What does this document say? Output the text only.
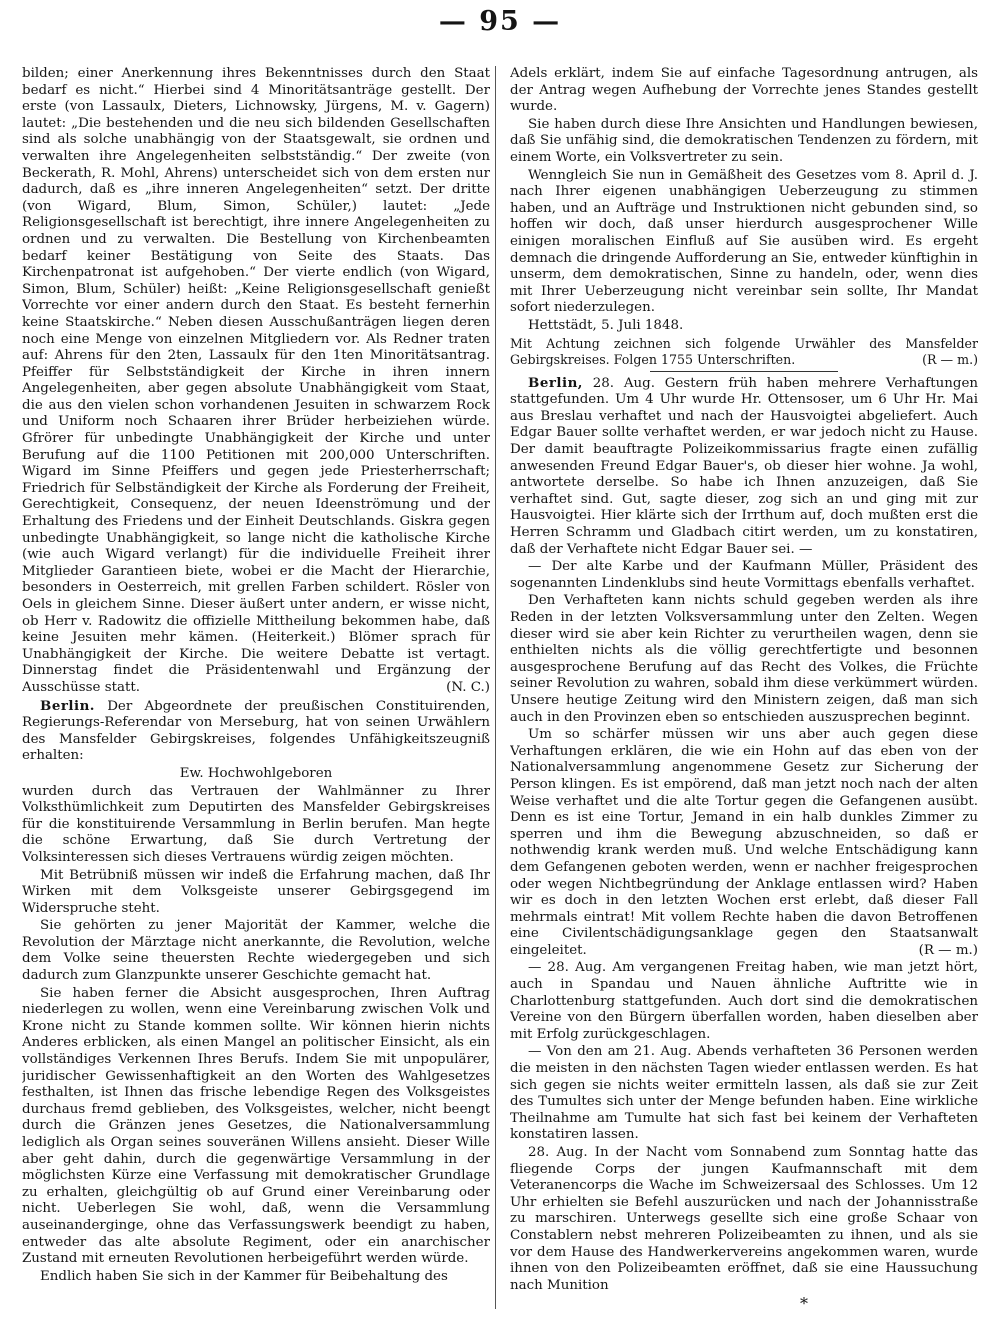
— 95 —

bilden; einer Anerkennung ihres Bekenntnisses durch den Staat bedarf es nicht.“ Hierbei sind 4 Minoritätsanträge gestellt. Der erste (von Lassaulx, Dieters, Lichnowsky, Jürgens, M. v. Gagern) lautet: „Die bestehenden und die neu sich bildenden Gesellschaften sind als solche unabhängig von der Staatsgewalt, sie ordnen und verwalten ihre Angelegenheiten selbstständig.“ Der zweite (von Beckerath, R. Mohl, Ahrens) unterscheidet sich von dem ersten nur dadurch, daß es „ihre inneren Angelegenheiten“ setzt. Der dritte (von Wigard, Blum, Simon, Schüler,) lautet: „Jede Religionsgesellschaft ist berechtigt, ihre innere Angelegenheiten zu ordnen und zu verwalten. Die Bestellung von Kirchenbeamten bedarf keiner Bestätigung von Seite des Staats. Das Kirchenpatronat ist aufgehoben.“ Der vierte endlich (von Wigard, Simon, Blum, Schüler) heißt: „Keine Religionsgesellschaft genießt Vorrechte vor einer andern durch den Staat. Es besteht fernerhin keine Staatskirche.“ Neben diesen Ausschußanträgen liegen deren noch eine Menge von einzelnen Mitgliedern vor. Als Redner traten auf: Ahrens für den 2ten, Lassaulx für den 1ten Minoritätsantrag. Pfeiffer für Selbstständigkeit der Kirche in ihren innern Angelegenheiten, aber gegen absolute Unabhängigkeit vom Staat, die aus den vielen schon vorhandenen Jesuiten in schwarzem Rock und Uniform noch Schaaren ihrer Brüder herbeiziehen würde. Gfrörer für unbedingte Unabhängigkeit der Kirche und unter Berufung auf die 1100 Petitionen mit 200,000 Unterschriften. Wigard im Sinne Pfeiffers und gegen jede Priesterherrschaft; Friedrich für Selbständigkeit der Kirche als Forderung der Freiheit, Gerechtigkeit, Consequenz, der neuen Ideenströmung und der Erhaltung des Friedens und der Einheit Deutschlands. Giskra gegen unbedingte Unabhängigkeit, so lange nicht die katholische Kirche (wie auch Wigard verlangt) für die individuelle Freiheit ihrer Mitglieder Garantieen biete, wobei er die Macht der Hierarchie, besonders in Oesterreich, mit grellen Farben schildert. Rösler von Oels in gleichem Sinne. Dieser äußert unter andern, er wisse nicht, ob Herr v. Radowitz die offizielle Mittheilung bekommen habe, daß keine Jesuiten mehr kämen. (Heiterkeit.) Blömer sprach für Unabhängigkeit der Kirche. Die weitere Debatte ist vertagt. Dinnerstag findet die Präsidentenwahl und Ergänzung der Ausschüsse statt.	(N. C.)

Berlin. Der Abgeordnete der preußischen Constituirenden, Regierungs-Referendar von Merseburg, hat von seinen Urwählern des Mansfelder Gebirgskreises, folgendes Unfähigkeitszeugniß erhalten:

Ew. Hochwohlgeboren

wurden durch das Vertrauen der Wahlmänner zu Ihrer Volksthümlichkeit zum Deputirten des Mansfelder Gebirgskreises für die konstituirende Versammlung in Berlin berufen. Man hegte die schöne Erwartung, daß Sie durch Vertretung der Volksinteressen sich dieses Vertrauens würdig zeigen möchten.

Mit Betrübniß müssen wir indeß die Erfahrung machen, daß Ihr Wirken mit dem Volksgeiste unserer Gebirgsgegend im Widerspruche steht.

Sie gehörten zu jener Majorität der Kammer, welche die Revolution der Märztage nicht anerkannte, die Revolution, welche dem Volke seine theuersten Rechte wiedergegeben und sich dadurch zum Glanzpunkte unserer Geschichte gemacht hat.

Sie haben ferner die Absicht ausgesprochen, Ihren Auftrag niederlegen zu wollen, wenn eine Vereinbarung zwischen Volk und Krone nicht zu Stande kommen sollte. Wir können hierin nichts Anderes erblicken, als einen Mangel an politischer Einsicht, als ein vollständiges Verkennen Ihres Berufs. Indem Sie mit unpopulärer, juridischer Gewissenhaftigkeit an den Worten des Wahlgesetzes festhalten, ist Ihnen das frische lebendige Regen des Volksgeistes durchaus fremd geblieben, des Volksgeistes, welcher, nicht beengt durch die Gränzen jenes Gesetzes, die Nationalversammlung lediglich als Organ seines souveränen Willens ansieht. Dieser Wille aber geht dahin, durch die gegenwärtige Versammlung in der möglichsten Kürze eine Verfassung mit demokratischer Grundlage zu erhalten, gleichgültig ob auf Grund einer Vereinbarung oder nicht. Ueberlegen Sie wohl, daß, wenn die Versammlung auseinanderginge, ohne das Verfassungswerk beendigt zu haben, entweder das alte absolute Regiment, oder ein anarchischer Zustand mit erneuten Revolutionen herbeigeführt werden würde.

Endlich haben Sie sich in der Kammer für Beibehaltung des

Adels erklärt, indem Sie auf einfache Tagesordnung antrugen, als der Antrag wegen Aufhebung der Vorrechte jenes Standes gestellt wurde.

Sie haben durch diese Ihre Ansichten und Handlungen bewiesen, daß Sie unfähig sind, die demokratischen Tendenzen zu fördern, mit einem Worte, ein Volksvertreter zu sein.

Wenngleich Sie nun in Gemäßheit des Gesetzes vom 8. April d. J. nach Ihrer eigenen unabhängigen Ueberzeugung zu stimmen haben, und an Aufträge und Instruktionen nicht gebunden sind, so hoffen wir doch, daß unser hierdurch ausgesprochener Wille einigen moralischen Einfluß auf Sie ausüben wird. Es ergeht demnach die dringende Aufforderung an Sie, entweder künftighin in unserm, dem demokratischen, Sinne zu handeln, oder, wenn dies mit Ihrer Ueberzeugung nicht vereinbar sein sollte, Ihr Mandat sofort niederzulegen.

Hettstädt, 5. Juli 1848.

Mit Achtung zeichnen sich folgende Urwähler des Mansfelder Gebirgskreises. Folgen 1755 Unterschriften.	(R — m.)

Berlin, 28. Aug. Gestern früh haben mehrere Verhaftungen stattgefunden. Um 4 Uhr wurde Hr. Ottensoser, um 6 Uhr Hr. Mai aus Breslau verhaftet und nach der Hausvoigtei abgeliefert. Auch Edgar Bauer sollte verhaftet werden, er war jedoch nicht zu Hause. Der damit beauftragte Polizeikommissarius fragte einen zufällig anwesenden Freund Edgar Bauer's, ob dieser hier wohne. Ja wohl, antwortete derselbe. So habe ich Ihnen anzuzeigen, daß Sie verhaftet sind. Gut, sagte dieser, zog sich an und ging mit zur Hausvoigtei. Hier klärte sich der Irrthum auf, doch mußten erst die Herren Schramm und Gladbach citirt werden, um zu konstatiren, daß der Verhaftete nicht Edgar Bauer sei. —

— Der alte Karbe und der Kaufmann Müller, Präsident des sogenannten Lindenklubs sind heute Vormittags ebenfalls verhaftet.

Den Verhafteten kann nichts schuld gegeben werden als ihre Reden in der letzten Volksversammlung unter den Zelten. Wegen dieser wird sie aber kein Richter zu verurtheilen wagen, denn sie enthielten nichts als die völlig gerechtfertigte und besonnen ausgesprochene Berufung auf das Recht des Volkes, die Früchte seiner Revolution zu wahren, sobald ihm diese verkümmert würden. Unsere heutige Zeitung wird den Ministern zeigen, daß man sich auch in den Provinzen eben so entschieden auszusprechen beginnt.

Um so schärfer müssen wir uns aber auch gegen diese Verhaftungen erklären, die wie ein Hohn auf das eben von der Nationalversammlung angenommene Gesetz zur Sicherung der Person klingen. Es ist empörend, daß man jetzt noch nach der alten Weise verhaftet und die alte Tortur gegen die Gefangenen ausübt. Denn es ist eine Tortur, Jemand in ein halb dunkles Zimmer zu sperren und ihm die Bewegung abzuschneiden, so daß er nothwendig krank werden muß. Und welche Entschädigung kann dem Gefangenen geboten werden, wenn er nachher freigesprochen oder wegen Nichtbegründung der Anklage entlassen wird? Haben wir es doch in den letzten Wochen erst erlebt, daß dieser Fall mehrmals eintrat! Mit vollem Rechte haben die davon Betroffenen eine Civilentschädigungsanklage gegen den Staatsanwalt eingeleitet.	(R — m.)

— 28. Aug. Am vergangenen Freitag haben, wie man jetzt hört, auch in Spandau und Nauen ähnliche Auftritte wie in Charlottenburg stattgefunden. Auch dort sind die demokratischen Vereine von den Bürgern überfallen worden, haben dieselben aber mit Erfolg zurückgeschlagen.

— Von den am 21. Aug. Abends verhafteten 36 Personen werden die meisten in den nächsten Tagen wieder entlassen werden. Es hat sich gegen sie nichts weiter ermitteln lassen, als daß sie zur Zeit des Tumultes sich unter der Menge befunden haben. Eine wirkliche Theilnahme am Tumulte hat sich fast bei keinem der Verhafteten konstatiren lassen.

28. Aug. In der Nacht vom Sonnabend zum Sonntag hatte das fliegende Corps der jungen Kaufmannschaft mit dem Veteranencorps die Wache im Schweizersaal des Schlosses. Um 12 Uhr erhielten sie Befehl auszurücken und nach der Johannisstraße zu marschiren. Unterwegs gesellte sich eine große Schaar von Constablern nebst mehreren Polizeibeamten zu ihnen, und als sie vor dem Hause des Handwerkervereins angekommen waren, wurde ihnen von den Polizeibeamten eröffnet, daß sie eine Haussuchung nach Munition

*
